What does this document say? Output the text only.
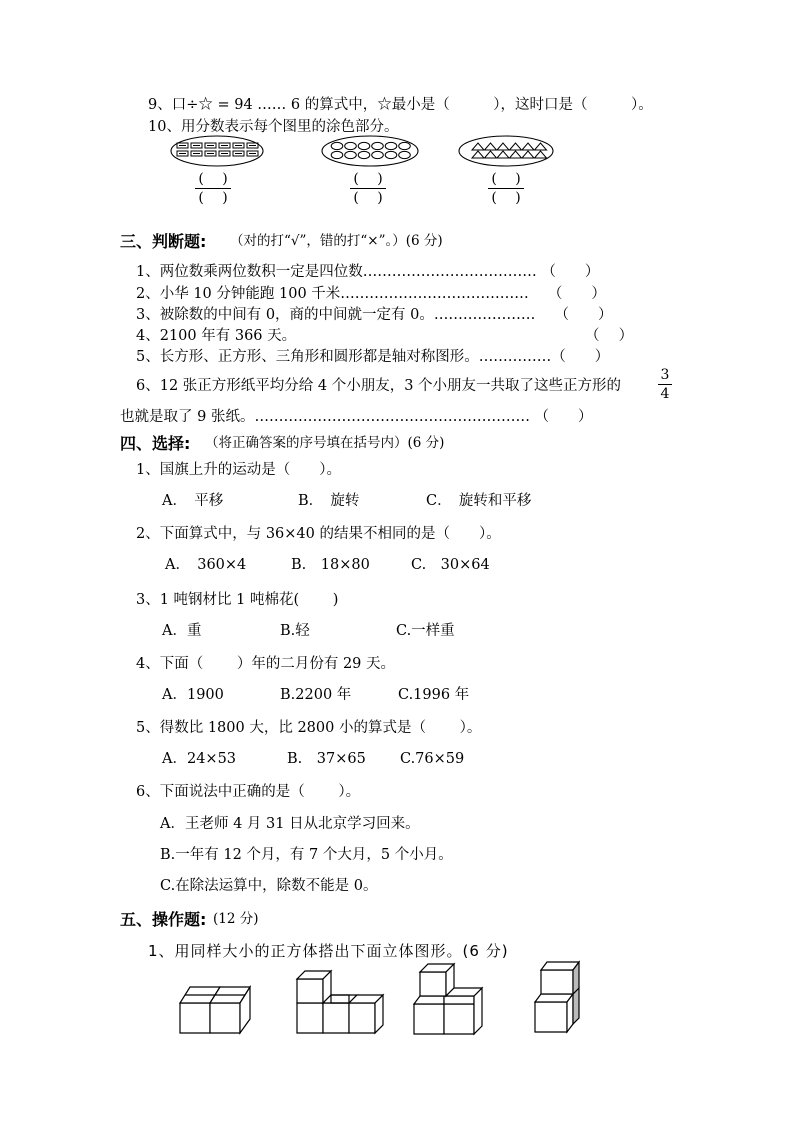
9、口÷☆ = 94 …… 6 的算式中，☆最小是（　　　），这时口是（　　　）。
10、用分数表示每个图里的涂色部分。
(　 )
(　 )
(　 )
(　 )
(　 )
(　 )
三、判断题: （对的打“√”，错的打“×”。）(6 分)
1、两位数乘两位数积一定是四位数……………………………… （　　）
2、小华 10 分钟能跑 100 千米…………………………………　 （　　）
3、被除数的中间有 0，商的中间就一定有 0。…………………　 （　　）
4、2100 年有 366 天。	（　 ）
5、长方形、正方形、三角形和圆形都是轴对称图形。……………（　　）
6、12 张正方形纸平均分给 4 个小朋友，3 个小朋友一共取了这些正方形的
3
4
也就是取了 9 张纸。………………………………………………… （　　）
四、选择: （将正确答案的序号填在括号内）(6 分)
1、国旗上升的运动是（　　）。
A．　平移	B．　旋转	C．　旋转和平移
2、下面算式中，与 36×40 的结果不相同的是（　　）。
A．　360×4	B.　18×80	C.　30×64
3、1 吨钢材比 1 吨棉花(　　 )
A．重	B.轻	C.一样重
4、下面（　　 ）年的二月份有 29 天。
A．1900	B.2200 年	C.1996 年
5、得数比 1800 大，比 2800 小的算式是（　　 ）。
A．24×53	B.　37×65 C.76×59
6、下面说法中正确的是（　　 ）。
A．王老师 4 月 31 日从北京学习回来。
B.一年有 12 个月，有 7 个大月，5 个小月。
C.在除法运算中，除数不能是 0。
五、操作题: (12 分)
1、用同样大小的正方体搭出下面立体图形。(6 分)
